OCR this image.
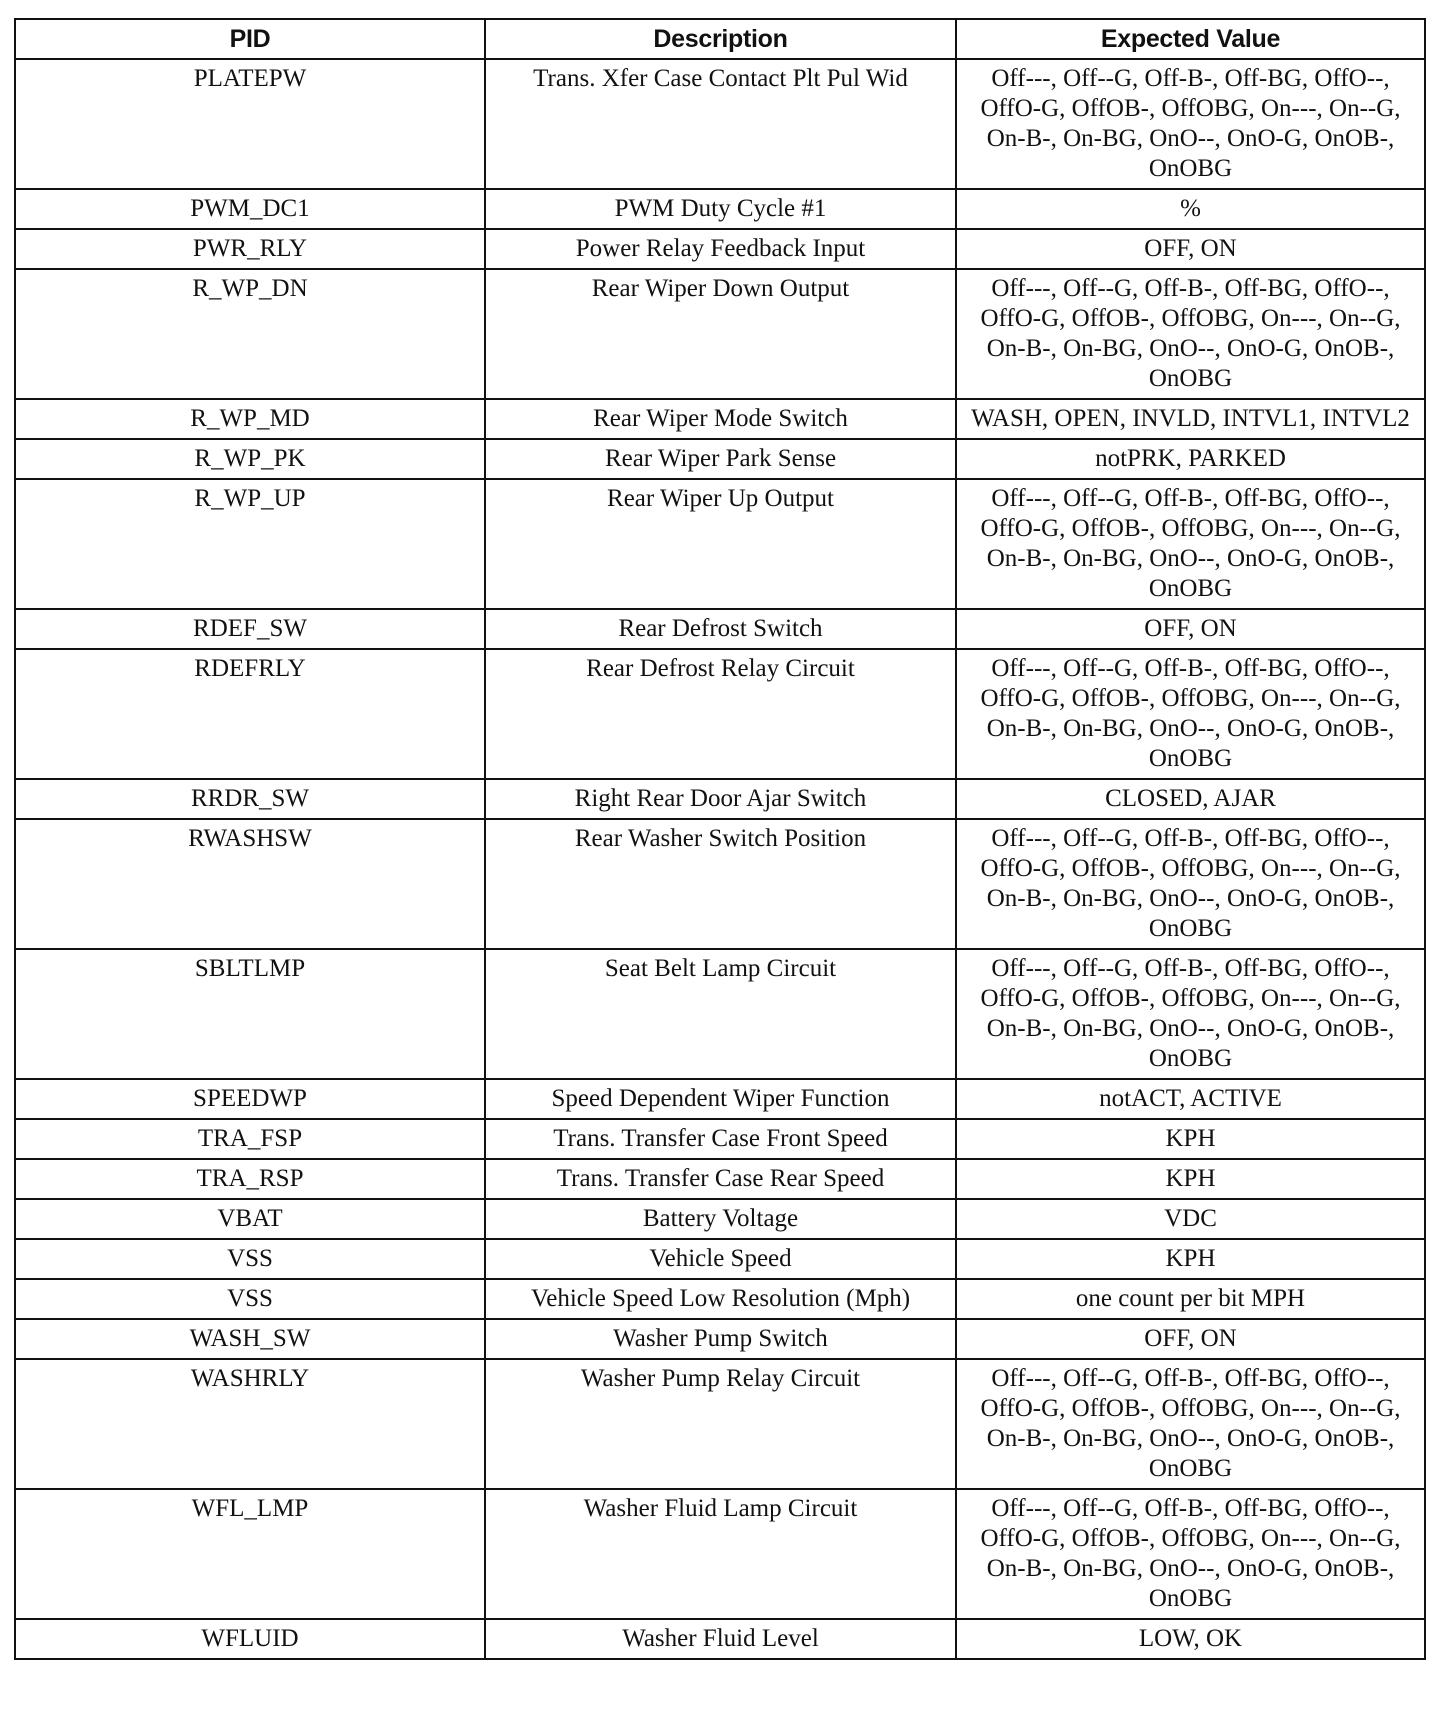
PID	Description	Expected Value
PLATEPW	Trans. Xfer Case Contact Plt Pul Wid	Off---, Off--G, Off-B-, Off-BG, OffO--, OffO-G, OffOB-, OffOBG, On---, On--G, On-B-, On-BG, OnO--, OnO-G, OnOB-, OnOBG
PWM_DC1	PWM Duty Cycle #1	%
PWR_RLY	Power Relay Feedback Input	OFF, ON
R_WP_DN	Rear Wiper Down Output	Off---, Off--G, Off-B-, Off-BG, OffO--, OffO-G, OffOB-, OffOBG, On---, On--G, On-B-, On-BG, OnO--, OnO-G, OnOB-, OnOBG
R_WP_MD	Rear Wiper Mode Switch	WASH, OPEN, INVLD, INTVL1, INTVL2
R_WP_PK	Rear Wiper Park Sense	notPRK, PARKED
R_WP_UP	Rear Wiper Up Output	Off---, Off--G, Off-B-, Off-BG, OffO--, OffO-G, OffOB-, OffOBG, On---, On--G, On-B-, On-BG, OnO--, OnO-G, OnOB-, OnOBG
RDEF_SW	Rear Defrost Switch	OFF, ON
RDEFRLY	Rear Defrost Relay Circuit	Off---, Off--G, Off-B-, Off-BG, OffO--, OffO-G, OffOB-, OffOBG, On---, On--G, On-B-, On-BG, OnO--, OnO-G, OnOB-, OnOBG
RRDR_SW	Right Rear Door Ajar Switch	CLOSED, AJAR
RWASHSW	Rear Washer Switch Position	Off---, Off--G, Off-B-, Off-BG, OffO--, OffO-G, OffOB-, OffOBG, On---, On--G, On-B-, On-BG, OnO--, OnO-G, OnOB-, OnOBG
SBLTLMP	Seat Belt Lamp Circuit	Off---, Off--G, Off-B-, Off-BG, OffO--, OffO-G, OffOB-, OffOBG, On---, On--G, On-B-, On-BG, OnO--, OnO-G, OnOB-, OnOBG
SPEEDWP	Speed Dependent Wiper Function	notACT, ACTIVE
TRA_FSP	Trans. Transfer Case Front Speed	KPH
TRA_RSP	Trans. Transfer Case Rear Speed	KPH
VBAT	Battery Voltage	VDC
VSS	Vehicle Speed	KPH
VSS	Vehicle Speed Low Resolution (Mph)	one count per bit MPH
WASH_SW	Washer Pump Switch	OFF, ON
WASHRLY	Washer Pump Relay Circuit	Off---, Off--G, Off-B-, Off-BG, OffO--, OffO-G, OffOB-, OffOBG, On---, On--G, On-B-, On-BG, OnO--, OnO-G, OnOB-, OnOBG
WFL_LMP	Washer Fluid Lamp Circuit	Off---, Off--G, Off-B-, Off-BG, OffO--, OffO-G, OffOB-, OffOBG, On---, On--G, On-B-, On-BG, OnO--, OnO-G, OnOB-, OnOBG
WFLUID	Washer Fluid Level	LOW, OK
